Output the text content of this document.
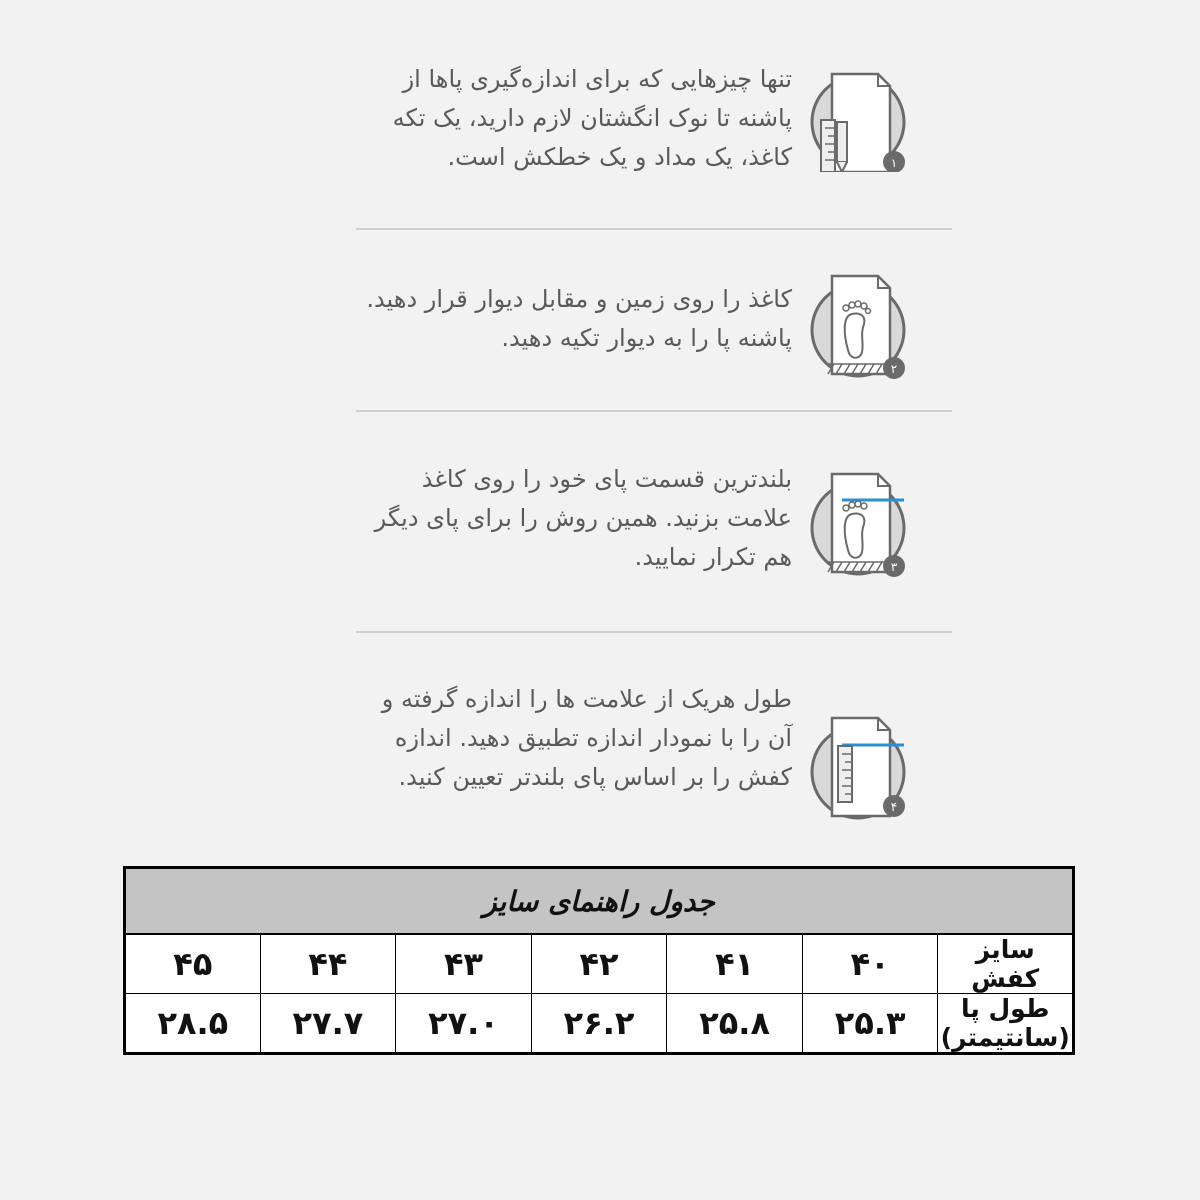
تنها چیزهایی که برای اندازه‌گیری پاها از پاشنه تا نوک انگشتان لازم دارید، یک تکه کاغذ، یک مداد و یک خطکش است.	١
کاغذ را روی زمین و مقابل دیوار قرار دهید. پاشنه پا را به دیوار تکیه دهید.
٢
بلندترین قسمت پای خود را روی کاغذ علامت بزنید. همین روش را برای پای دیگر هم تکرار نمایید.	٣
طول هریک از علامت ها را اندازه گرفته و آن را با نمودار اندازه تطبیق دهید. اندازه کفش را بر اساس پای بلندتر تعیین کنید.
۴
جدول راهنمای سایز						
سایز کفش	۴۰	۴۱	۴۲	۴۳	۴۴	۴۵
طول پا (سانتیمتر)	۲۵.۳	۲۵.۸	۲۶.۲	۲۷.۰	۲۷.۷	۲۸.۵
